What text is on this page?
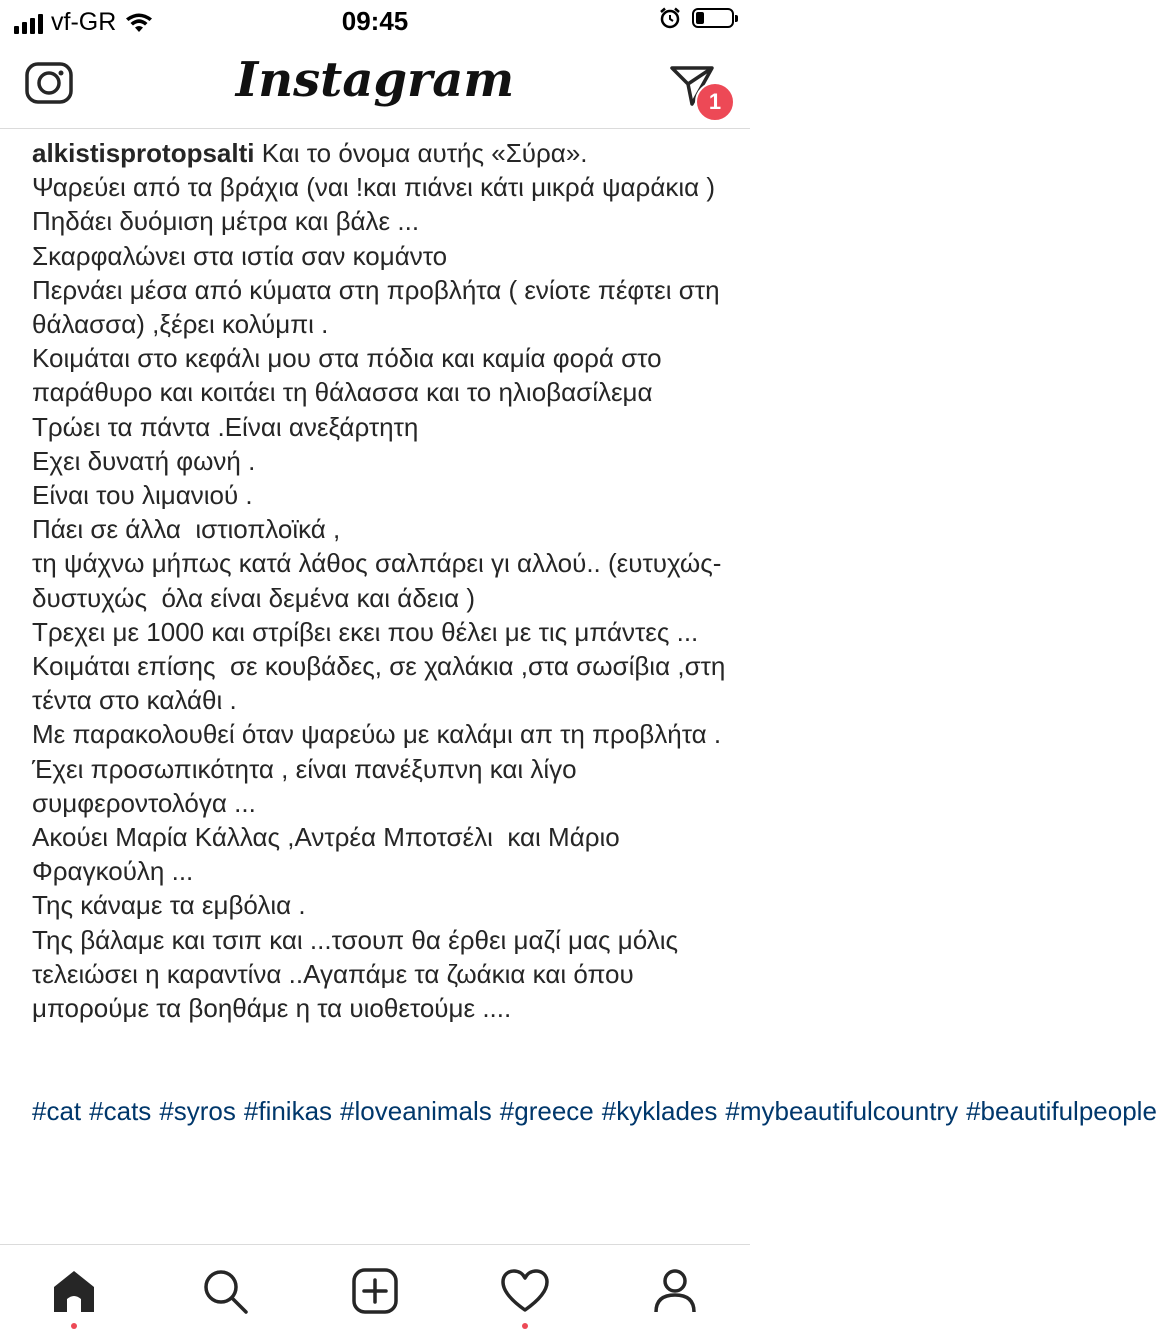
vf-GR	09:45
Instagram	1

alkistisprotopsalti Και το όνομα αυτής «Σύρα».

Ψαρεύει από τα βράχια (ναι !και πιάνει κάτι μικρά ψαράκια )

Πηδάει δυόμιση μέτρα και βάλε ...

Σκαρφαλώνει στα ιστία σαν κομάντο

Περνάει μέσα από κύματα στη προβλήτα ( ενίοτε πέφτει στη θάλασσα) ,ξέρει κολύμπι .

Κοιμάται στο κεφάλι μου στα πόδια και καμία φορά στο παράθυρο και κοιτάει τη θάλασσα και το ηλιοβασίλεμα

Τρώει τα πάντα .Είναι ανεξάρτητη

Εχει δυνατή φωνή .

Είναι του λιμανιού .

Πάει σε άλλα  ιστιοπλοϊκά ,

τη ψάχνω μήπως κατά λάθος σαλπάρει γι αλλού.. (ευτυχώς-δυστυχώς  όλα είναι δεμένα και άδεια )

Τρεχει με 1000 και στρίβει εκει που θέλει με τις μπάντες ...

Κοιμάται επίσης  σε κουβάδες, σε χαλάκια ,στα σωσίβια ,στη τέντα στο καλάθι .

Με παρακολουθεί όταν ψαρεύω με καλάμι απ τη προβλήτα .

Έχει προσωπικότητα , είναι πανέξυπνη και λίγο συμφεροντολόγα ...

Ακούει Μαρία Κάλλας ,Αντρέα Μποτσέλι  και Μάριο Φραγκούλη ...

Της κάναμε τα εμβόλια .

Της βάλαμε και τσιπ και ...τσουπ θα έρθει μαζί μας μόλις τελειώσει η καραντίνα ..Αγαπάμε τα ζωάκια και όπου μπορούμε τα βοηθάμε η τα υιοθετούμε ....

#cat #cats #syros #finikas #loveanimals #greece #kyklades #mybeautifulcountry #beautifulpeople
